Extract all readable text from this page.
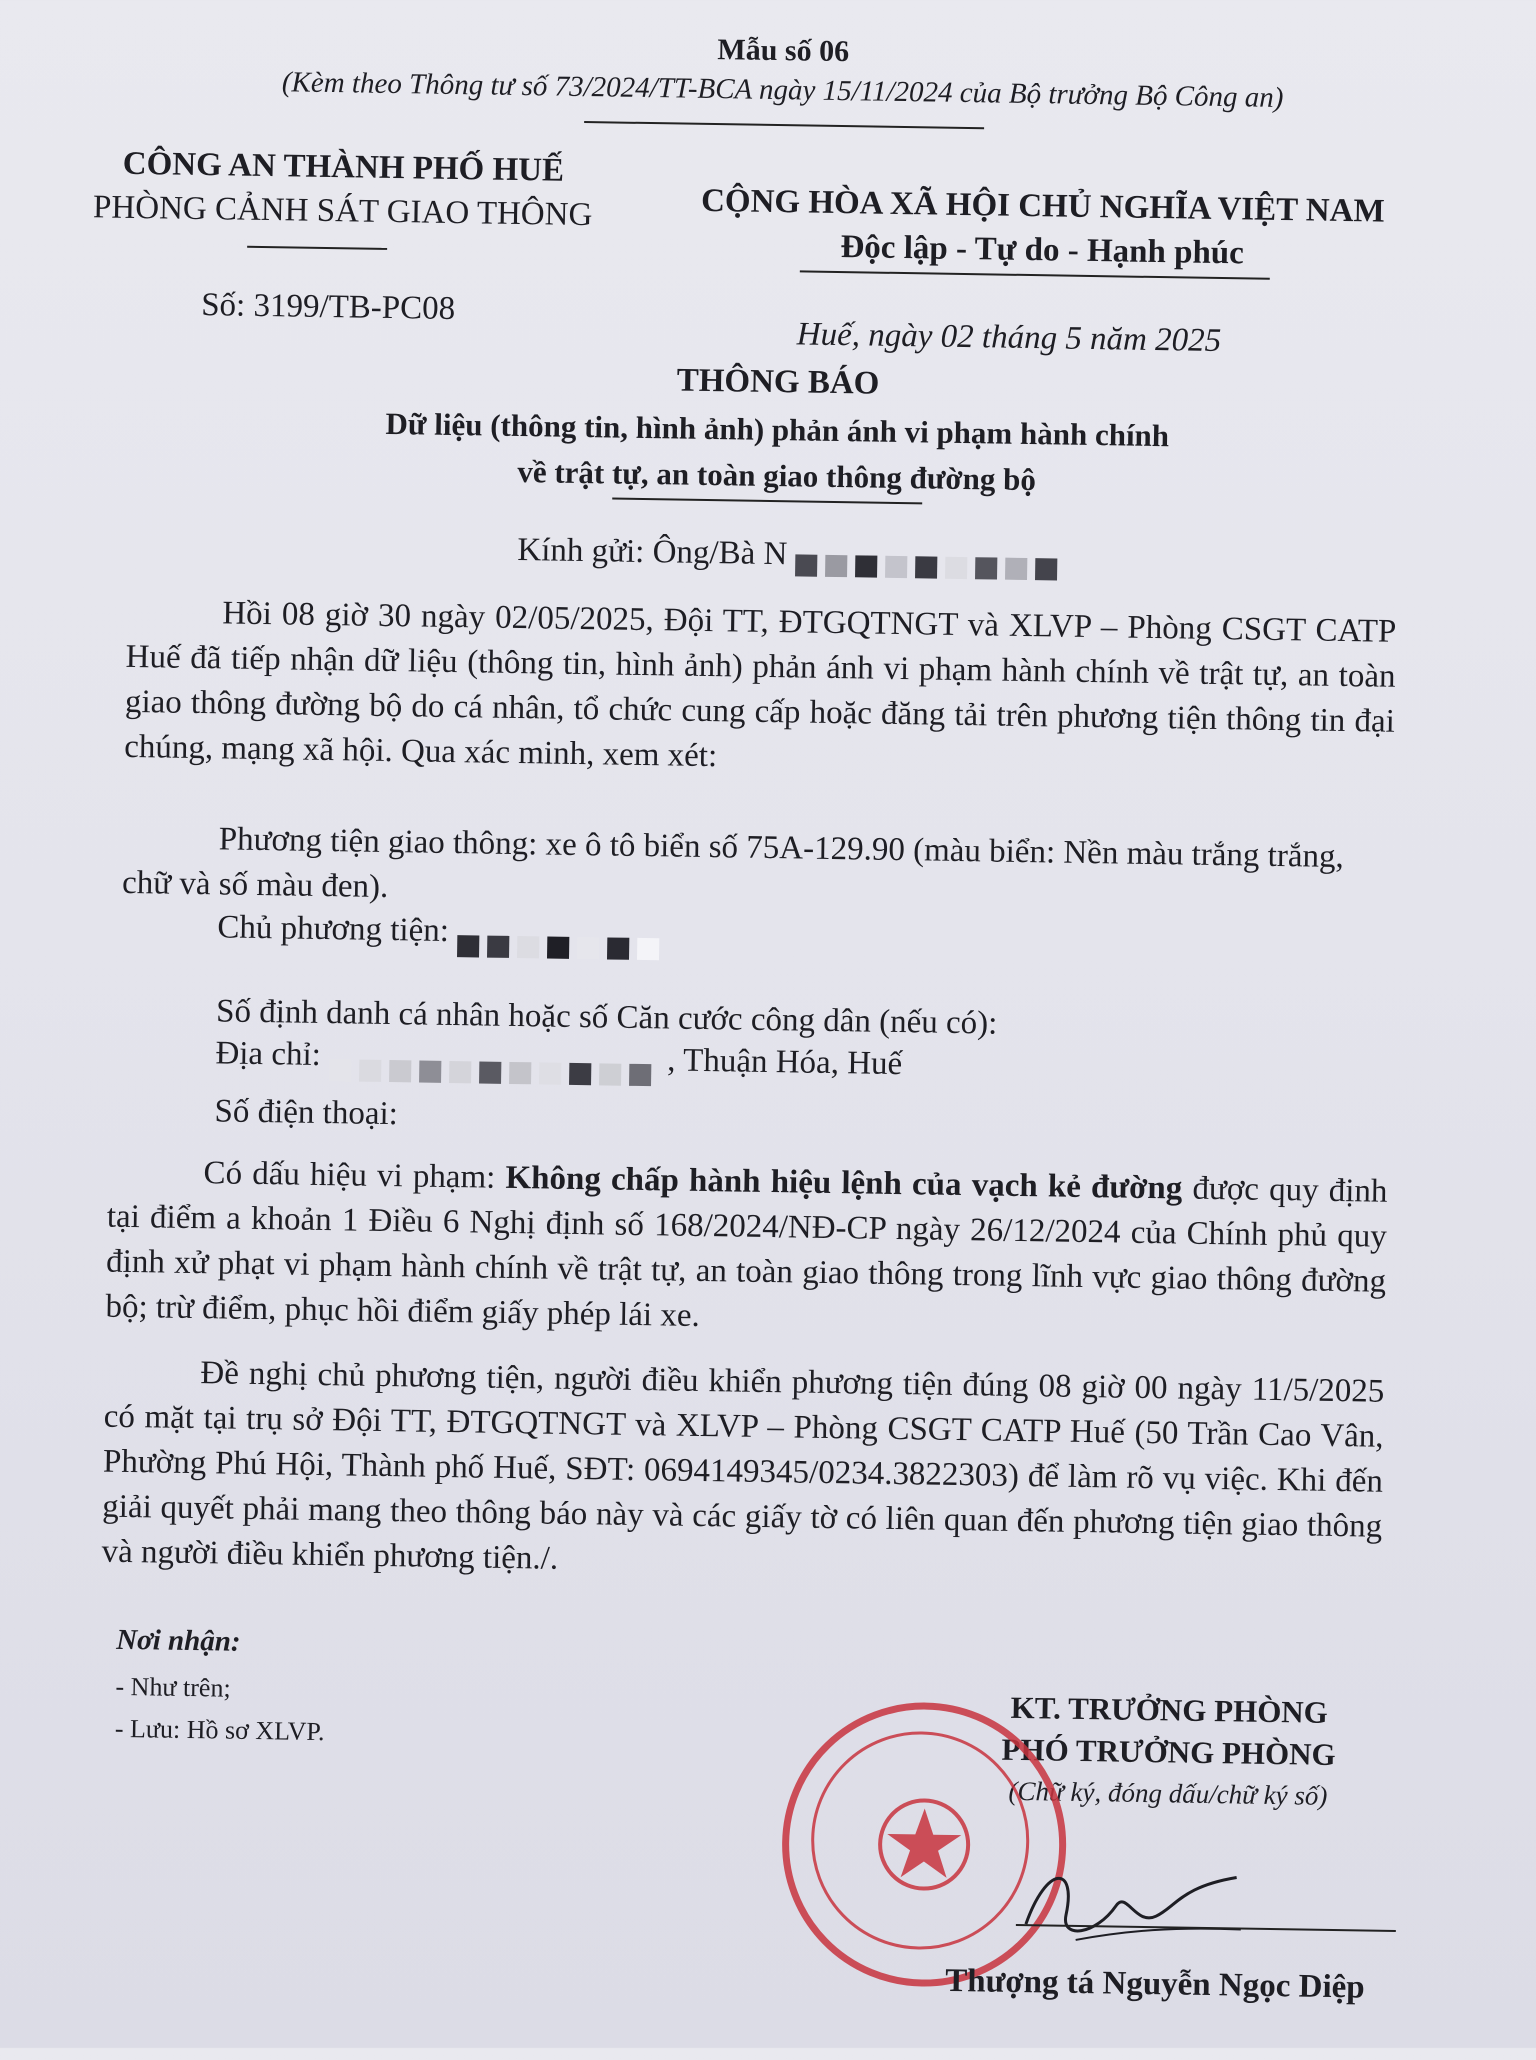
Mẫu số 06
(Kèm theo Thông tư số 73/2024/TT-BCA ngày 15/11/2024 của Bộ trưởng Bộ Công an)
CÔNG AN THÀNH PHỐ HUẾ
PHÒNG CẢNH SÁT GIAO THÔNG
Số: 3199/TB-PC08
CỘNG HÒA XÃ HỘI CHỦ NGHĨA VIỆT NAM
Độc lập - Tự do - Hạnh phúc
Huế, ngày 02 tháng 5 năm 2025
THÔNG BÁO
Dữ liệu (thông tin, hình ảnh) phản ánh vi phạm hành chính
về trật tự, an toàn giao thông đường bộ
Kính gửi: Ông/Bà N
Hồi 08 giờ 30 ngày 02/05/2025, Đội TT, ĐTGQTNGT và XLVP – Phòng CSGT CATP Huế đã tiếp nhận dữ liệu (thông tin, hình ảnh) phản ánh vi phạm hành chính về trật tự, an toàn giao thông đường bộ do cá nhân, tổ chức cung cấp hoặc đăng tải trên phương tiện thông tin đại chúng, mạng xã hội. Qua xác minh, xem xét:
Phương tiện giao thông: xe ô tô biển số 75A-129.90 (màu biển: Nền màu trắng trắng, chữ và số màu đen).
Chủ phương tiện:
Số định danh cá nhân hoặc số Căn cước công dân (nếu có):
Địa chỉ:	, Thuận Hóa, Huế
Số điện thoại:
Có dấu hiệu vi phạm: Không chấp hành hiệu lệnh của vạch kẻ đường được quy định tại điểm a khoản 1 Điều 6 Nghị định số 168/2024/NĐ-CP ngày 26/12/2024 của Chính phủ quy định xử phạt vi phạm hành chính về trật tự, an toàn giao thông trong lĩnh vực giao thông đường bộ; trừ điểm, phục hồi điểm giấy phép lái xe.
Đề nghị chủ phương tiện, người điều khiển phương tiện đúng 08 giờ 00 ngày 11/5/2025 có mặt tại trụ sở Đội TT, ĐTGQTNGT và XLVP – Phòng CSGT CATP Huế (50 Trần Cao Vân, Phường Phú Hội, Thành phố Huế, SĐT: 0694149345/0234.3822303) để làm rõ vụ việc. Khi đến giải quyết phải mang theo thông báo này và các giấy tờ có liên quan đến phương tiện giao thông và người điều khiển phương tiện./.
Nơi nhận:
- Như trên;
- Lưu: Hồ sơ XLVP.
KT. TRƯỞNG PHÒNG
PHÓ TRƯỞNG PHÒNG
(Chữ ký, đóng dấu/chữ ký số)
Thượng tá Nguyễn Ngọc Diệp
